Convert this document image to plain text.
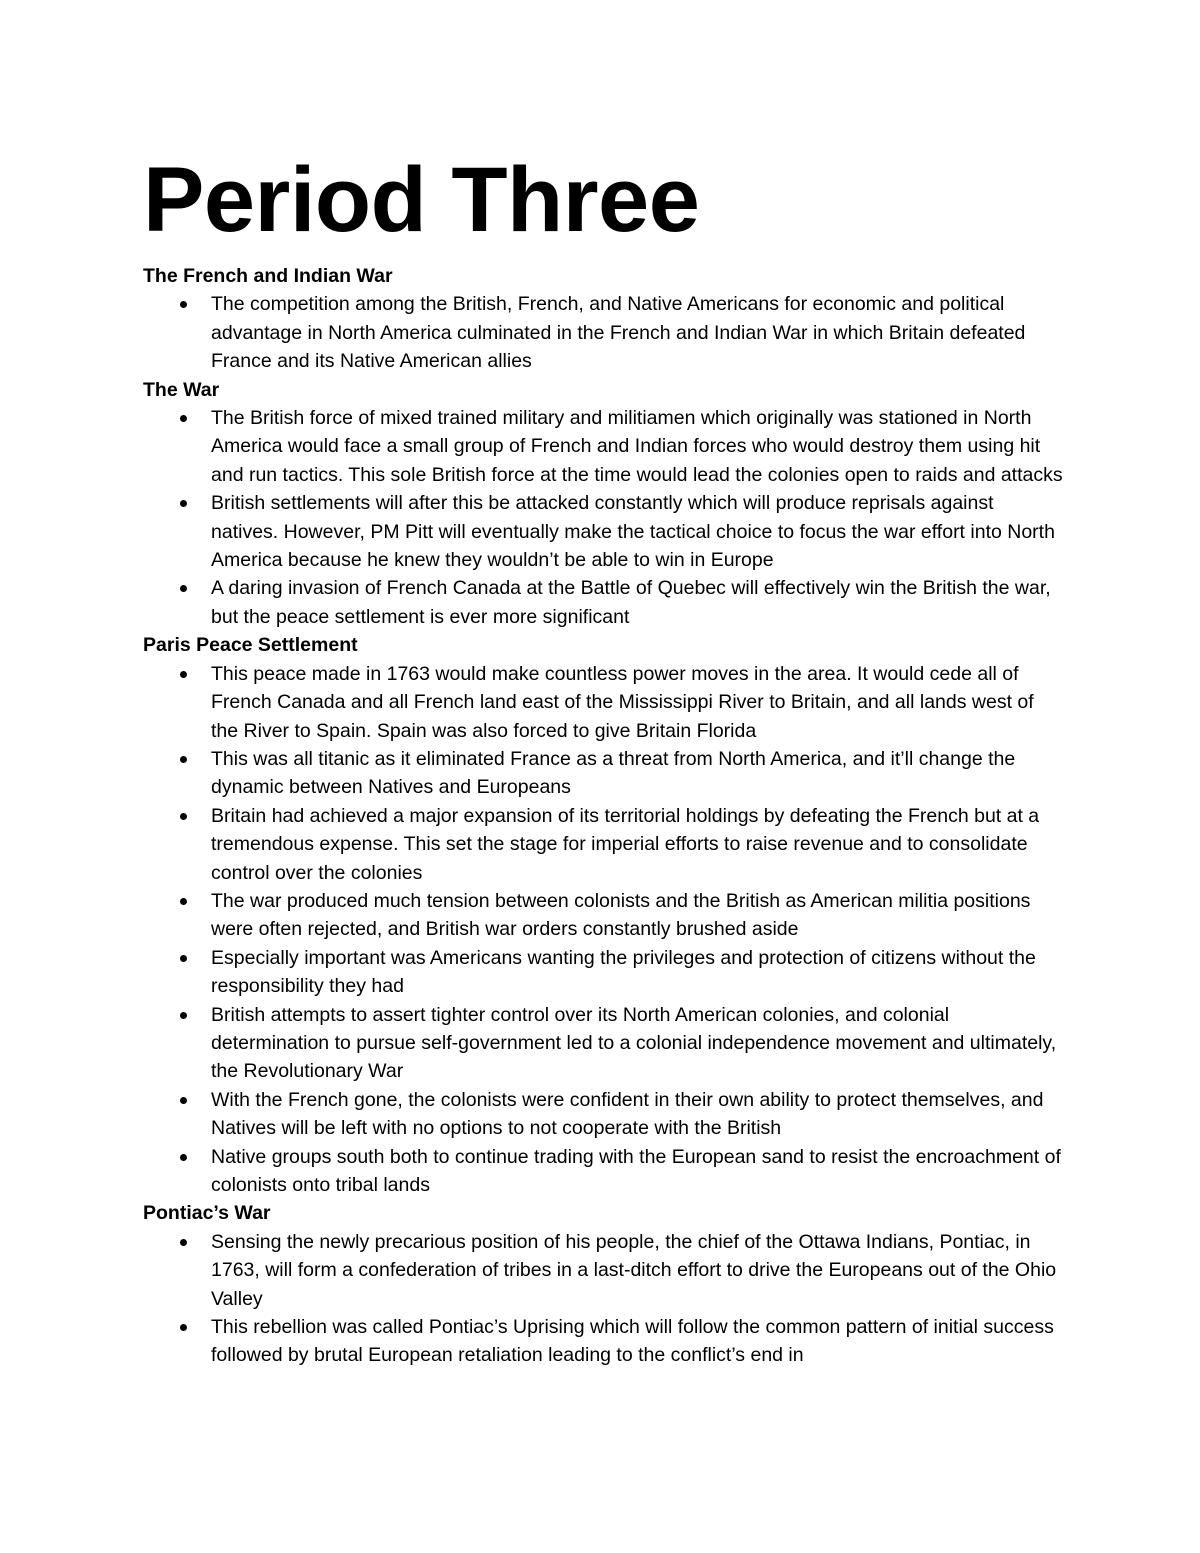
Period Three
The French and Indian War
The competition among the British, French, and Native Americans for economic and political advantage in North America culminated in the French and Indian War in which Britain defeated France and its Native American allies
The War
The British force of mixed trained military and militiamen which originally was stationed in North America would face a small group of French and Indian forces who would destroy them using hit and run tactics. This sole British force at the time would lead the colonies open to raids and attacks
British settlements will after this be attacked constantly which will produce reprisals against natives. However, PM Pitt will eventually make the tactical choice to focus the war effort into North America because he knew they wouldn’t be able to win in Europe
A daring invasion of French Canada at the Battle of Quebec will effectively win the British the war, but the peace settlement is ever more significant
Paris Peace Settlement
This peace made in 1763 would make countless power moves in the area. It would cede all of French Canada and all French land east of the Mississippi River to Britain, and all lands west of the River to Spain. Spain was also forced to give Britain Florida
This was all titanic as it eliminated France as a threat from North America, and it’ll change the dynamic between Natives and Europeans
Britain had achieved a major expansion of its territorial holdings by defeating the French but at a tremendous expense. This set the stage for imperial efforts to raise revenue and to consolidate control over the colonies
The war produced much tension between colonists and the British as American militia positions were often rejected, and British war orders constantly brushed aside
Especially important was Americans wanting the privileges and protection of citizens without the responsibility they had
British attempts to assert tighter control over its North American colonies, and colonial determination to pursue self-government led to a colonial independence movement and ultimately, the Revolutionary War
With the French gone, the colonists were confident in their own ability to protect themselves, and Natives will be left with no options to not cooperate with the British
Native groups south both to continue trading with the European sand to resist the encroachment of colonists onto tribal lands
Pontiac’s War
Sensing the newly precarious position of his people, the chief of the Ottawa Indians, Pontiac, in 1763, will form a confederation of tribes in a last-ditch effort to drive the Europeans out of the Ohio Valley
This rebellion was called Pontiac’s Uprising which will follow the common pattern of initial success followed by brutal European retaliation leading to the conflict’s end in
